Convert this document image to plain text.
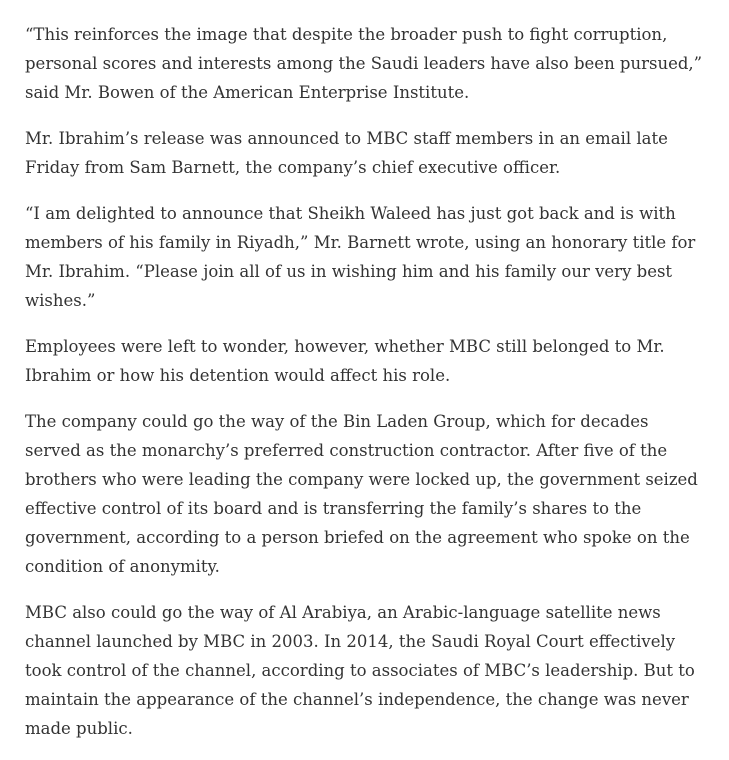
“This reinforces the image that despite the broader push to fight corruption, personal scores and interests among the Saudi leaders have also been pursued,” said Mr. Bowen of the American Enterprise Institute.

Mr. Ibrahim’s release was announced to MBC staff members in an email late Friday from Sam Barnett, the company’s chief executive officer.

“I am delighted to announce that Sheikh Waleed has just got back and is with members of his family in Riyadh,” Mr. Barnett wrote, using an honorary title for Mr. Ibrahim. “Please join all of us in wishing him and his family our very best wishes.”

Employees were left to wonder, however, whether MBC still belonged to Mr. Ibrahim or how his detention would affect his role.

The company could go the way of the Bin Laden Group, which for decades served as the monarchy’s preferred construction contractor. After five of the brothers who were leading the company were locked up, the government seized effective control of its board and is transferring the family’s shares to the government, according to a person briefed on the agreement who spoke on the condition of anonymity.

MBC also could go the way of Al Arabiya, an Arabic-language satellite news channel launched by MBC in 2003. In 2014, the Saudi Royal Court effectively took control of the channel, according to associates of MBC’s leadership. But to maintain the appearance of the channel’s independence, the change was never made public.
